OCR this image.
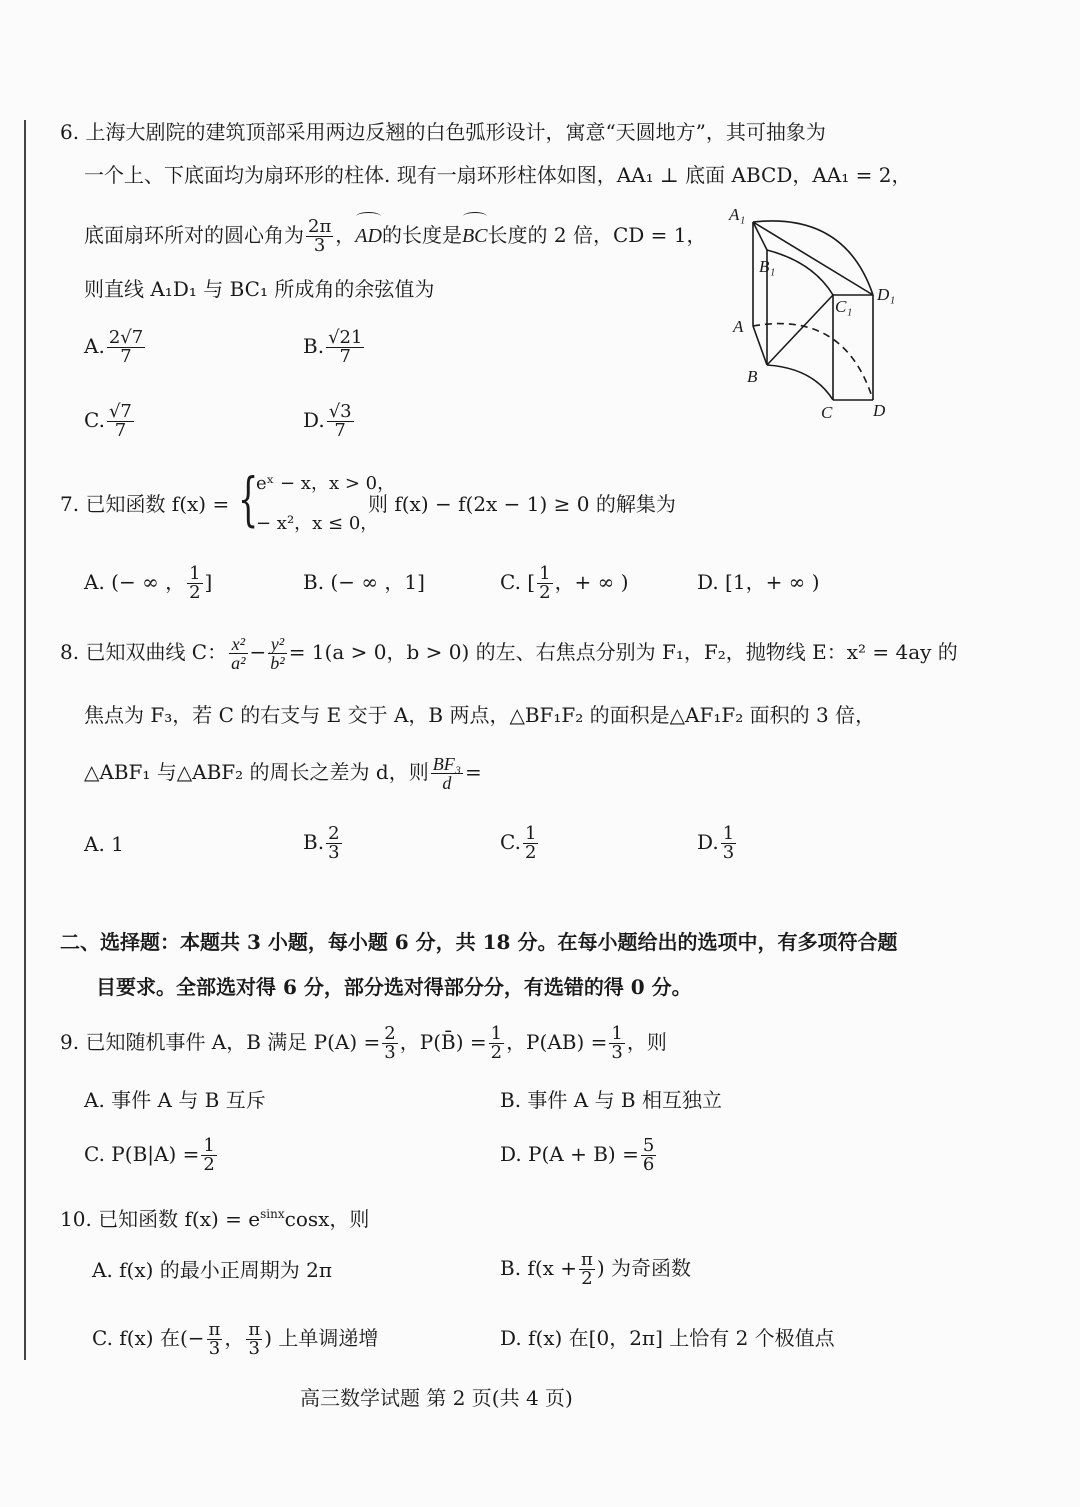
6. 上海大剧院的建筑顶部采用两边反翘的白色弧形设计，寓意“天圆地方”，其可抽象为
一个上、下底面均为扇环形的柱体. 现有一扇环形柱体如图，AA₁ ⊥ 底面 ABCD，AA₁ = 2，
底面扇环所对的圆心角为 $\frac{2\pi}{3}$ ，AD的长度是BC长度的 2 倍，CD = 1，
则直线 A₁D₁ 与 BC₁ 所成角的余弦值为
A. $\frac{2√7}{7}$	B. $\frac{√21}{7}$
C. $\frac{√7}{7}$	D. $\frac{√3}{7}$
A₁
B₁
C₁
D₁
A
B
C D
7. 已知函数 f(x) = {
eˣ − x，x > 0，
− x²，x ≤ 0，
则 f(x) − f(2x − 1) ≥ 0 的解集为
A. (− ∞ ， $\frac{1}{2}$ ]	B. (− ∞ ，1]	C. [ $\frac{1}{2}$ ，+ ∞ )	D. [1，+ ∞ )
8. 已知双曲线 C： $\frac{\text{x²}}{\text{a²}} - \frac{\text{y²}}{\text{b²}} = 1(a > 0$，b > 0) 的左、右焦点分别为 F₁，F₂，抛物线 E：x² = 4ay 的
焦点为 F₃，若 C 的右支与 E 交于 A，B 两点，△BF₁F₂ 的面积是△AF₁F₂ 面积的 3 倍，
△ABF₁ 与△ABF₂ 的周长之差为 d，则 $\frac{\text{BF₃}}{d}$ =
A. 1	B. $\frac{2}{3}$	C. $\frac{1}{2}$	D. $\frac{1}{3}$
二、选择题：本题共 3 小题，每小题 6 分，共 18 分。在每小题给出的选项中，有多项符合题
目要求。全部选对得 6 分，部分选对得部分分，有选错的得 0 分。
9. 已知随机事件 A，B 满足 $P(A) = \frac{2}{3}$ ，P(B̄) = $\frac{1}{2}$ ，$P(AB) = \frac{1}{3}$ ，则
A. 事件 A 与 B 互斥	B. 事件 A 与 B 相互独立
C. $P(B|A) = \frac{1}{2}$	D. $P(A + B) = \frac{5}{6}$
10. 已知函数 $f(x) = e^{sinx}\cos x$，则
A. f(x) 的最小正周期为 2π	B. $f(x + \frac{\pi}{2}$ ) 为奇函数
C. f(x) 在(− $\frac{\pi}{3}$ ， $\frac{\pi}{3}$ ) 上单调递增	D. f(x) 在[0，2π] 上恰有 2 个极值点
高三数学试题 第 2 页(共 4 页)
